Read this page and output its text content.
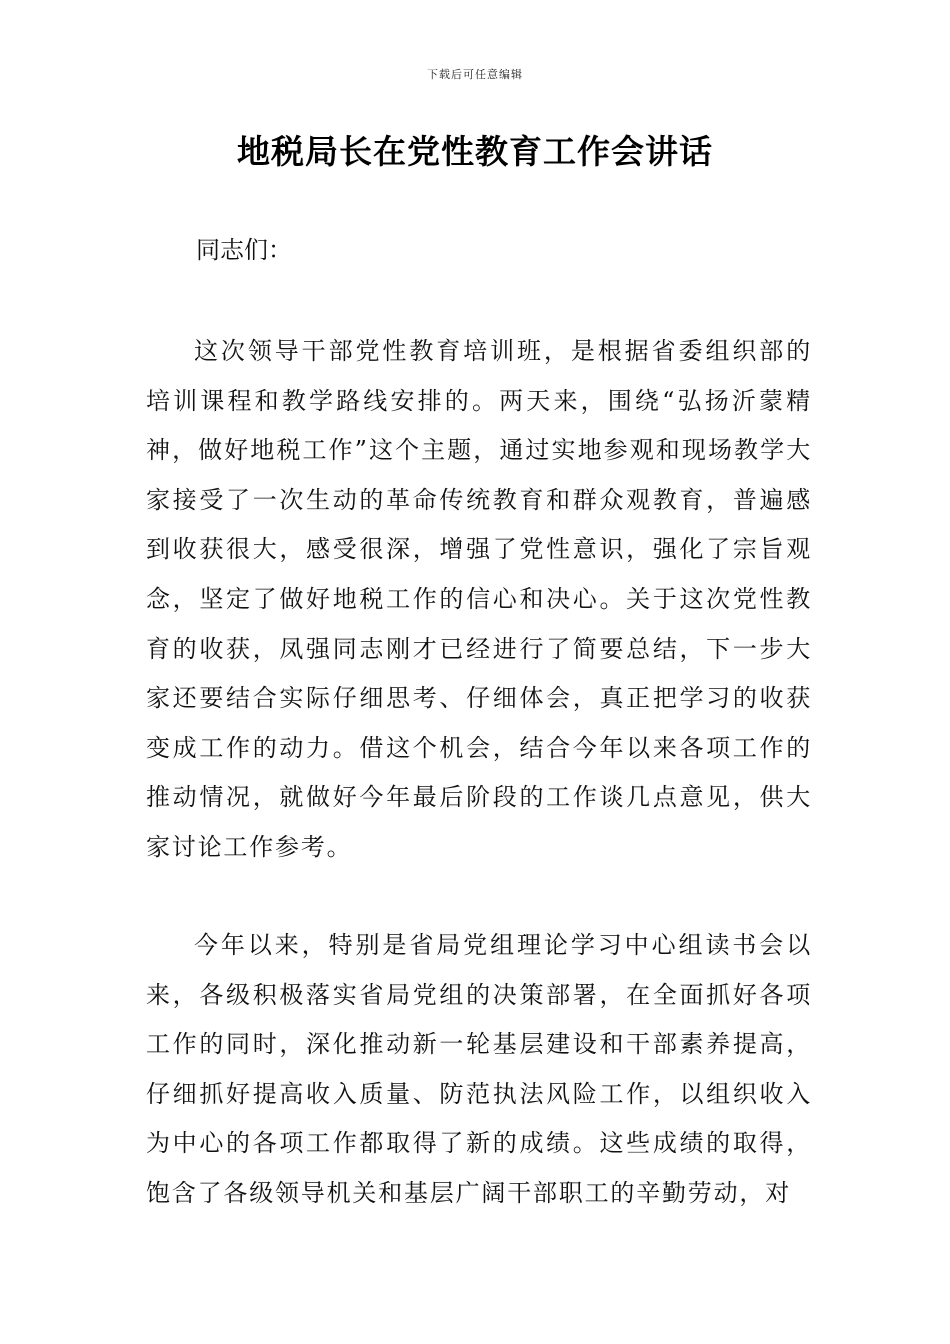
下载后可任意编辑
地税局长在党性教育工作会讲话

同志们：

这次领导干部党性教育培训班，是根据省委组织部的培训课程和教学路线安排的。两天来，围绕“弘扬沂蒙精神，做好地税工作”这个主题，通过实地参观和现场教学大家接受了一次生动的革命传统教育和群众观教育，普遍感到收获很大，感受很深，增强了党性意识，强化了宗旨观念，坚定了做好地税工作的信心和决心。关于这次党性教育的收获，凤强同志刚才已经进行了简要总结，下一步大家还要结合实际仔细思考、仔细体会，真正把学习的收获变成工作的动力。借这个机会，结合今年以来各项工作的推动情况，就做好今年最后阶段的工作谈几点意见，供大家讨论工作参考。

今年以来，特别是省局党组理论学习中心组读书会以来，各级积极落实省局党组的决策部署，在全面抓好各项工作的同时，深化推动新一轮基层建设和干部素养提高，仔细抓好提高收入质量、防范执法风险工作，以组织收入为中心的各项工作都取得了新的成绩。这些成绩的取得，饱含了各级领导机关和基层广阔干部职工的辛勤劳动，对
